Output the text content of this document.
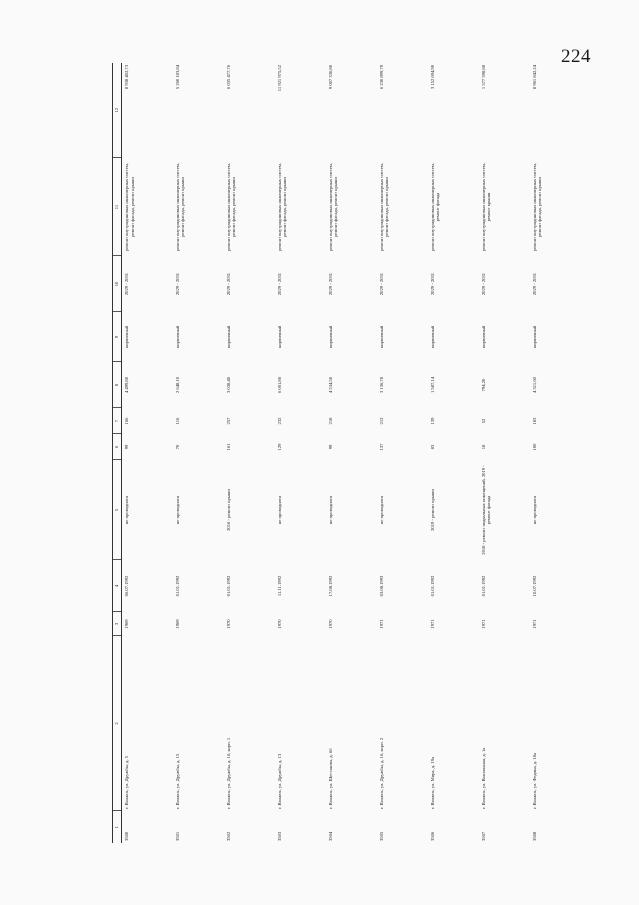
224
1	2	3	4	5	6	7	8	9	10	11	12
3500	г. Волжск, ул. Дружбы, д. 5	1969	06.07.1992	не проводился	99	166	4 499,80	кирпичный	2029 - 2031	ремонт внутридомовых инженерных систем, ремонт фасада, ремонт крыши	8 938 402,73
3501	г. Волжск, ул. Дружбы, д. 15	1969	01.01.1992	не проводился	70	116	2 648,10	кирпичный	2029 - 2031	ремонт внутридомовых инженерных систем, ремонт фасада, ремонт крыши	5 260 183,84
3502	г. Волжск, ул. Дружбы, д. 16, корп. 1	1970	01.01.1992	2016 - ремонт крыши	161	257	3 038,40	кирпичный	2029 - 2031	ремонт внутридомовых инженерных систем, ремонт фасада, ремонт крыши	6 035 477,76
3503	г. Волжск, ул. Дружбы, д. 13	1970	11.11.1992	не проводился	129	232	6 001,80	кирпичный	2029 - 2031	ремонт внутридомовых инженерных систем, ремонт фасада, ремонт крыши	11 921 975,52
3504	г. Волжск, ул. Шестакова, д. 6б	1970	17.08.1992	не проводился	99	218	4 534,50	кирпичный	2029 - 2031	ремонт внутридомовых инженерных систем, ремонт фасада, ремонт крыши	9 007 330,80
3505	г. Волжск, ул. Дружбы, д. 16, корп. 2	1971	03.08.1993	не проводился	137	212	3 136,78	кирпичный	2029 - 2031	ремонт внутридомовых инженерных систем, ремонт фасада, ремонт крыши	6 230 899,79
3506	г. Волжск, ул. Мира, д. 19а	1971	01.01.1992	2019 - ремонт крыши	83	139	1 587,14	кирпичный	2029 - 2031	ремонт внутридомовых инженерных систем, ремонт фасада	3 152 694,90
3507	г. Волжск, ул. Вокзальная, д. 1а	1971	01.01.1992	2018 - ремонт подвальных помещений, 2019 - ремонт фасада	18	52	794,20	кирпичный	2029 - 2031	ремонт внутридомовых инженерных систем, ремонт крыши	1 577 598,88
3508	г. Волжск, ул. Федина, д. 18а	1971	10.07.1992	не проводился	100	183	4 511,60	кирпичный	2029 - 2031	ремонт внутридомовых инженерных систем, ремонт фасада, ремонт крыши	8 961 842,24
